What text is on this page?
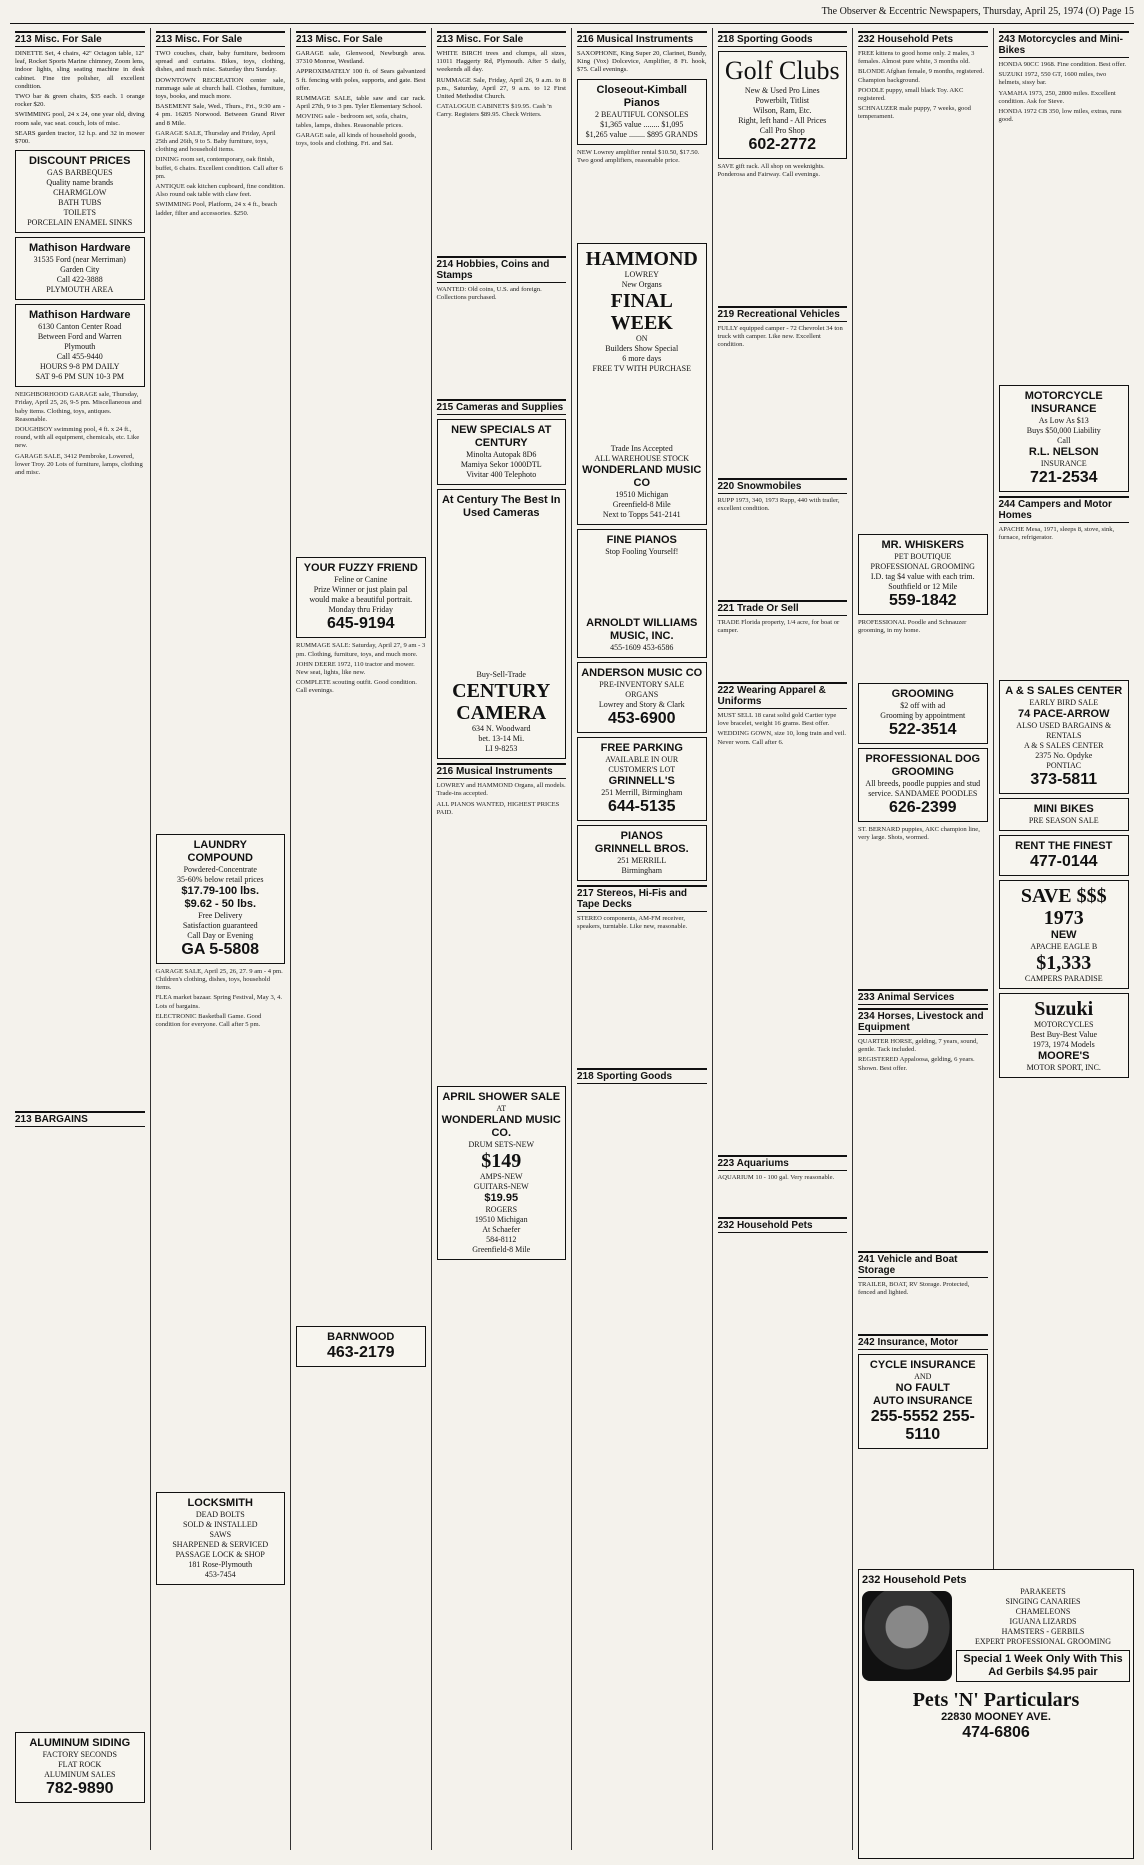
The Observer & Eccentric Newspapers, Thursday, April 25, 1974 (O) Page 15
213 Misc. For Sale

DINETTE Set, 4 chairs, 42" Octagon table, 12" leaf, Rocket Sports Marine chimney, Zoom lens, indoor lights, sling seating machine in desk cabinet. Fine tire polisher, all excellent condition.

TWO bar & green chairs, $35 each. 1 orange rocker $20.

SWIMMING pool, 24 x 24, one year old, diving room sale, vac seat. couch, lots of misc.

SEARS garden tractor, 12 h.p. and 32 in mower $700.

DISCOUNT PRICES
GAS BARBEQUES
Quality name brands
CHARMGLOW
BATH TUBS
TOILETS
PORCELAIN ENAMEL SINKS
Mathison Hardware
31535 Ford (near Merriman)
Garden City
Call 422-3888
PLYMOUTH AREA
Mathison Hardware
6130 Canton Center Road
Between Ford and Warren
Plymouth
Call 455-9440
HOURS 9-8 PM DAILY
SAT 9-6 PM SUN 10-3 PM

NEIGHBORHOOD GARAGE sale, Thursday, Friday, April 25, 26, 9-5 pm. Miscellaneous and baby items. Clothing, toys, antiques. Reasonable.

DOUGHBOY swimming pool, 4 ft. x 24 ft., round, with all equipment, chemicals, etc. Like new.

GARAGE SALE, 3412 Pembroke, Lowered, lower Troy. 20 Lots of furniture, lamps, clothing and misc.

213 BARGAINS
ALUMINUM SIDING
FACTORY SECONDS
FLAT ROCK
ALUMINUM SALES
782-9890
213 Misc. For Sale

TWO couches, chair, baby furniture, bedroom spread and curtains. Bikes, toys, clothing, dishes, and much misc. Saturday thru Sunday.

DOWNTOWN RECREATION center sale, rummage sale at church hall. Clothes, furniture, toys, books, and much more.

BASEMENT Sale, Wed., Thurs., Fri., 9:30 am - 4 pm. 16205 Norwood. Between Grand River and 8 Mile.

GARAGE SALE, Thursday and Friday, April 25th and 26th, 9 to 5. Baby furniture, toys, clothing and household items.

DINING room set, contemporary, oak finish, buffet, 6 chairs. Excellent condition. Call after 6 pm.

ANTIQUE oak kitchen cupboard, fine condition. Also round oak table with claw feet.

SWIMMING Pool, Platform, 24 x 4 ft., beach ladder, filter and accessories. $250.

LAUNDRY COMPOUND
Powdered-Concentrate
35-60% below retail prices
$17.79-100 lbs.
$9.62 - 50 lbs.
Free Delivery
Satisfaction guaranteed
Call Day or Evening
GA 5-5808

GARAGE SALE, April 25, 26, 27. 9 am - 4 pm. Children's clothing, dishes, toys, household items.

FLEA market bazaar. Spring Festival, May 3, 4. Lots of bargains.

ELECTRONIC Basketball Game. Good condition for everyone. Call after 5 pm.

LOCKSMITH
DEAD BOLTS
SOLD & INSTALLED
SAWS
SHARPENED & SERVICED
PASSAGE LOCK & SHOP
181 Rose-Plymouth
453-7454
213 Misc. For Sale

GARAGE sale, Glenwood, Newburgh area. 37310 Monroe, Westland.

APPROXIMATELY 100 ft. of Sears galvanized 5 ft. fencing with poles, supports, and gate. Best offer.

RUMMAGE SALE, table saw and car rack. April 27th, 9 to 3 pm. Tyler Elementary School.

MOVING sale - bedroom set, sofa, chairs, tables, lamps, dishes. Reasonable prices.

GARAGE sale, all kinds of household goods, toys, tools and clothing. Fri. and Sat.

YOUR FUZZY FRIEND
Feline or Canine
Prize Winner or just plain pal
would make a beautiful portrait.
Monday thru Friday
645-9194

RUMMAGE SALE: Saturday, April 27, 9 am - 3 pm. Clothing, furniture, toys, and much more.

JOHN DEERE 1972, 110 tractor and mower. New seat, lights, like new.

COMPLETE scouting outfit. Good condition. Call evenings.

BARNWOOD
463-2179
213 Misc. For Sale

WHITE BIRCH trees and clumps, all sizes, 11011 Haggerty Rd, Plymouth. After 5 daily, weekends all day.

RUMMAGE Sale, Friday, April 26, 9 a.m. to 8 p.m., Saturday, April 27, 9 a.m. to 12 First United Methodist Church.

CATALOGUE CABINETS $19.95. Cash 'n Carry. Registers $89.95. Check Writers.

214 Hobbies, Coins and Stamps

WANTED: Old coins, U.S. and foreign. Collections purchased.

215 Cameras and Supplies
NEW SPECIALS AT CENTURY
Minolta Autopak 8D6
Mamiya Sekor 1000DTL
Vivitar 400 Telephoto
At Century The Best In Used Cameras
Buy-Sell-Trade
CENTURY CAMERA
634 N. Woodward
bet. 13-14 Mi.
LI 9-8253
216 Musical Instruments

LOWREY and HAMMOND Organs, all models. Trade-ins accepted.

ALL PIANOS WANTED, HIGHEST PRICES PAID.

APRIL SHOWER SALE
AT
WONDERLAND MUSIC CO.
DRUM SETS-NEW
$149
AMPS-NEW
GUITARS-NEW
$19.95
ROGERS
19510 Michigan
At Schaefer
584-8112
Greenfield-8 Mile
216 Musical Instruments

SAXOPHONE, King Super 20, Clarinet, Bundy, King (Vox) Dolcevice, Amplifier, 8 Ft. hook, $75. Call evenings.

Closeout-Kimball Pianos
2 BEAUTIFUL CONSOLES
$1,365 value ........ $1,095
$1,265 value ........ $895 GRANDS

NEW Lowrey amplifier rental $10.50, $17.50. Two good amplifiers, reasonable price.

HAMMOND
LOWREY
New Organs
FINAL WEEK
ON
Builders Show Special
6 more days
FREE TV WITH PURCHASE
Trade Ins Accepted
ALL WAREHOUSE STOCK
WONDERLAND MUSIC CO
19510 Michigan
Greenfield-8 Mile
Next to Topps 541-2141
FINE PIANOS
Stop Fooling Yourself!
ARNOLDT WILLIAMS MUSIC, INC.
455-1609 453-6586
ANDERSON MUSIC CO
PRE-INVENTORY SALE
ORGANS
Lowrey and Story & Clark
453-6900
FREE PARKING
AVAILABLE IN OUR CUSTOMER'S LOT
GRINNELL'S
251 Merrill, Birmingham
644-5135
PIANOS
GRINNELL BROS.
251 MERRILL
Birmingham
217 Stereos, Hi-Fis and Tape Decks

STEREO components, AM-FM receiver, speakers, turntable. Like new, reasonable.

218 Sporting Goods
218 Sporting Goods
Golf Clubs
New & Used Pro Lines
Powerbilt, Titlist
Wilson, Ram, Etc.
Right, left hand - All Prices
Call Pro Shop
602-2772

SAVE gift rack. All shop on weeknights. Ponderosa and Fairway. Call evenings.

219 Recreational Vehicles

FULLY equipped camper - 72 Chevrolet 34 ton truck with camper. Like new. Excellent condition.

220 Snowmobiles

RUPP 1973, 340, 1973 Rupp, 440 with trailer, excellent condition.

221 Trade Or Sell

TRADE Florida property, 1/4 acre, for boat or camper.

222 Wearing Apparel & Uniforms

MUST SELL 18 carat solid gold Cartier type love bracelet, weight 16 grams. Best offer.

WEDDING GOWN, size 10, long train and veil. Never worn. Call after 6.

223 Aquariums

AQUARIUM 10 - 100 gal. Very reasonable.

232 Household Pets
232 Household Pets

FREE kittens to good home only. 2 males, 3 females. Almost pure white, 3 months old.

BLONDE Afghan female, 9 months, registered. Champion background.

POODLE puppy, small black Toy. AKC registered.

SCHNAUZER male puppy, 7 weeks, good temperament.

MR. WHISKERS
PET BOUTIQUE
PROFESSIONAL GROOMING
I.D. tag $4 value with each trim.
Southfield or 12 Mile
559-1842

PROFESSIONAL Poodle and Schnauzer grooming, in my home.

GROOMING
$2 off with ad
Grooming by appointment
522-3514
PROFESSIONAL DOG GROOMING
All breeds, poodle puppies and stud service. SANDAMEE POODLES
626-2399

ST. BERNARD puppies, AKC champion line, very large. Shots, wormed.

233 Animal Services
234 Horses, Livestock and Equipment

QUARTER HORSE, gelding, 7 years, sound, gentle. Tack included.

REGISTERED Appaloosa, gelding, 6 years. Shown. Best offer.

241 Vehicle and Boat Storage

TRAILER, BOAT, RV Storage. Protected, fenced and lighted.

242 Insurance, Motor
CYCLE INSURANCE
AND
NO FAULT
AUTO INSURANCE
255-5552 255-5110
243 Motorcycles and Mini-Bikes

HONDA 90CC 1968. Fine condition. Best offer.

SUZUKI 1972, 550 GT, 1600 miles, two helmets, sissy bar.

YAMAHA 1973, 250, 2800 miles. Excellent condition. Ask for Steve.

HONDA 1972 CB 350, low miles, extras, runs good.

MOTORCYCLE INSURANCE
As Low As $13
Buys $50,000 Liability
Call
R.L. NELSON
INSURANCE
721-2534
244 Campers and Motor Homes

APACHE Mesa, 1971, sleeps 8, stove, sink, furnace, refrigerator.

A & S SALES CENTER
EARLY BIRD SALE
74 PACE-ARROW
ALSO USED BARGAINS & RENTALS
A & S SALES CENTER
2375 No. Opdyke
PONTIAC
373-5811
MINI BIKES
PRE SEASON SALE
RENT THE FINEST
477-0144
SAVE $$$
1973
NEW
APACHE EAGLE B
$1,333
CAMPERS PARADISE
Suzuki
MOTORCYCLES
Best Buy-Best Value
1973, 1974 Models
MOORE'S
MOTOR SPORT, INC.
232 Household Pets
PARAKEETS
SINGING CANARIES
CHAMELEONS
IGUANA LIZARDS
HAMSTERS - GERBILS
EXPERT PROFESSIONAL GROOMING
Special 1 Week Only With This Ad Gerbils $4.95 pair
Pets 'N' Particulars
22830 MOONEY AVE.
474-6806
